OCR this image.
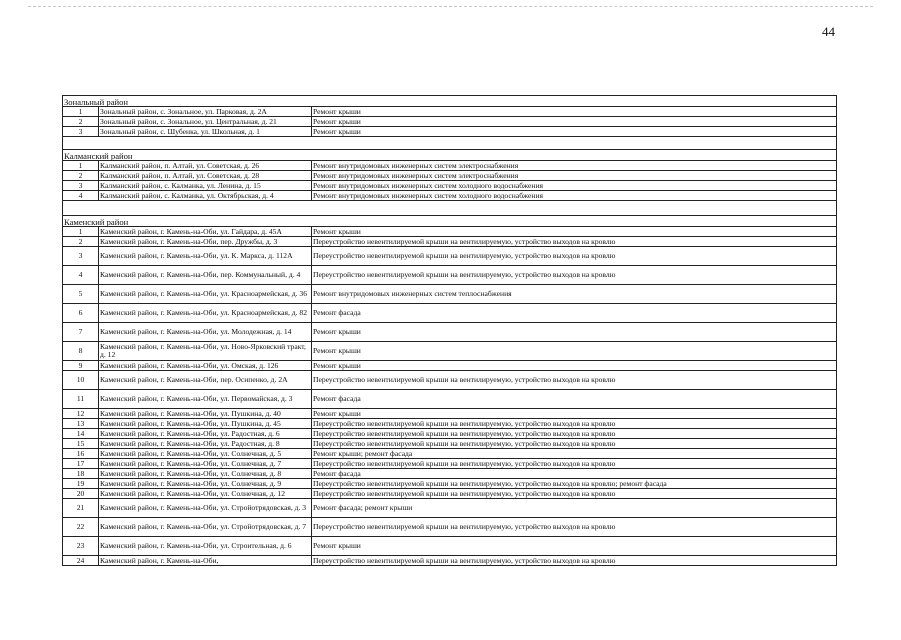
44
Зональный район		
1	Зональный район, с. Зональное, ул. Парковая, д. 2А	Ремонт крыши
2	Зональный район, с. Зональное, ул. Центральная, д. 21	Ремонт крыши
3	Зональный район, с. Шубенка, ул. Школьная, д. 1	Ремонт крыши

Калманский район		
1	Калманский район, п. Алтай, ул. Советская, д. 26	Ремонт внутридомовых инженерных систем электроснабжения
2	Калманский район, п. Алтай, ул. Советская, д. 28	Ремонт внутридомовых инженерных систем электроснабжения
3	Калманский район, с. Калманка, ул. Ленина, д. 15	Ремонт внутридомовых инженерных систем холодного водоснабжения
4	Калманский район, с. Калманка, ул. Октябрьская, д. 4	Ремонт внутридомовых инженерных систем холодного водоснабжения

Каменский район		
1	Каменский район, г. Камень-на-Оби, ул. Гайдара, д. 45А	Ремонт крыши
2	Каменский район, г. Камень-на-Оби, пер. Дружбы, д. 3	Переустройство невентилируемой крыши на вентилируемую, устройство выходов на кровлю
3	Каменский район, г. Камень-на-Оби, ул. К. Маркса, д. 112А	Переустройство невентилируемой крыши на вентилируемую, устройство выходов на кровлю
4	Каменский район, г. Камень-на-Оби, пер. Коммунальный, д. 4	Переустройство невентилируемой крыши на вентилируемую, устройство выходов на кровлю
5	Каменский район, г. Камень-на-Оби, ул. Красноармейская, д. 36	Ремонт внутридомовых инженерных систем теплоснабжения
6	Каменский район, г. Камень-на-Оби, ул. Красноармейская, д. 82	Ремонт фасада
7	Каменский район, г. Камень-на-Оби, ул. Молодежная, д. 14	Ремонт крыши
8	Каменский район, г. Камень-на-Оби, ул. Ново-Ярковский тракт, д. 12	Ремонт крыши
9	Каменский район, г. Камень-на-Оби, ул. Омская, д. 126	Ремонт крыши
10	Каменский район, г. Камень-на-Оби, пер. Осипенко, д. 2А	Переустройство невентилируемой крыши на вентилируемую, устройство выходов на кровлю
11	Каменский район, г. Камень-на-Оби, ул. Первомайская, д. 3	Ремонт фасада
12	Каменский район, г. Камень-на-Оби, ул. Пушкина, д. 40	Ремонт крыши
13	Каменский район, г. Камень-на-Оби, ул. Пушкина, д. 45	Переустройство невентилируемой крыши на вентилируемую, устройство выходов на кровлю
14	Каменский район, г. Камень-на-Оби, ул. Радостная, д. 6	Переустройство невентилируемой крыши на вентилируемую, устройство выходов на кровлю
15	Каменский район, г. Камень-на-Оби, ул. Радостная, д. 8	Переустройство невентилируемой крыши на вентилируемую, устройство выходов на кровлю
16	Каменский район, г. Камень-на-Оби, ул. Солнечная, д. 5	Ремонт крыши; ремонт фасада
17	Каменский район, г. Камень-на-Оби, ул. Солнечная, д. 7	Переустройство невентилируемой крыши на вентилируемую, устройство выходов на кровлю
18	Каменский район, г. Камень-на-Оби, ул. Солнечная, д. 8	Ремонт фасада
19	Каменский район, г. Камень-на-Оби, ул. Солнечная, д. 9	Переустройство невентилируемой крыши на вентилируемую, устройство выходов на кровлю; ремонт фасада
20	Каменский район, г. Камень-на-Оби, ул. Солнечная, д. 12	Переустройство невентилируемой крыши на вентилируемую, устройство выходов на кровлю
21	Каменский район, г. Камень-на-Оби, ул. Стройотрядовская, д. 3	Ремонт фасада; ремонт крыши
22	Каменский район, г. Камень-на-Оби, ул. Стройотрядовская, д. 7	Переустройство невентилируемой крыши на вентилируемую, устройство выходов на кровлю
23	Каменский район, г. Камень-на-Оби, ул. Строительная, д. 6	Ремонт крыши
24	Каменский район, г. Камень-на-Оби,	Переустройство невентилируемой крыши на вентилируемую, устройство выходов на кровлю
